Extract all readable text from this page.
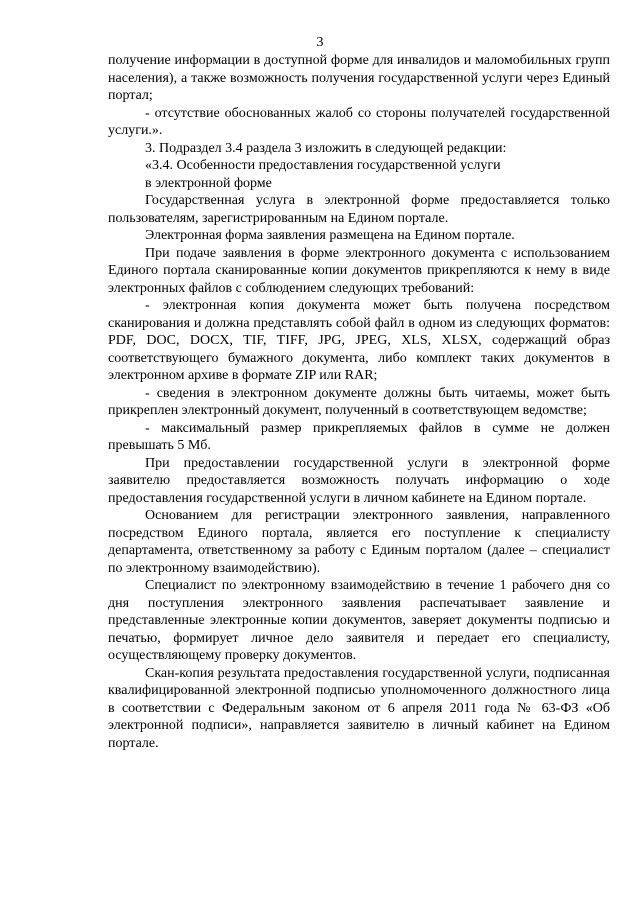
3

получение информации в доступной форме для инвалидов и маломобильных групп населения), а также возможность получения государственной услуги через Единый портал;

- отсутствие обоснованных жалоб со стороны получателей государственной услуги.».

3. Подраздел 3.4 раздела 3 изложить в следующей редакции:

«3.4. Особенности предоставления государственной услуги
в электронной форме

Государственная услуга в электронной форме предоставляется только пользователям, зарегистрированным на Едином портале.

Электронная форма заявления размещена на Едином портале.

При подаче заявления в форме электронного документа с использованием Единого портала сканированные копии документов прикрепляются к нему в виде электронных файлов с соблюдением следующих требований:

- электронная копия документа может быть получена посредством сканирования и должна представлять собой файл в одном из следующих форматов: PDF, DOC, DOCX, TIF, TIFF, JPG, JPEG, XLS, XLSX, содержащий образ соответствующего бумажного документа, либо комплект таких документов в электронном архиве в формате ZIP или RAR;

- сведения в электронном документе должны быть читаемы, может быть прикреплен электронный документ, полученный в соответствующем ведомстве;

- максимальный размер прикрепляемых файлов в сумме не должен превышать 5 Мб.

При предоставлении государственной услуги в электронной форме заявителю предоставляется возможность получать информацию о ходе предоставления государственной услуги в личном кабинете на Едином портале.

Основанием для регистрации электронного заявления, направленного посредством Единого портала, является его поступление к специалисту департамента, ответственному за работу с Единым порталом (далее – специалист по электронному взаимодействию).

Специалист по электронному взаимодействию в течение 1 рабочего дня со дня поступления электронного заявления распечатывает заявление и представленные электронные копии документов, заверяет документы подписью и печатью, формирует личное дело заявителя и передает его специалисту, осуществляющему проверку документов.

Скан-копия результата предоставления государственной услуги, подписанная квалифицированной электронной подписью уполномоченного должностного лица в соответствии с Федеральным законом от 6 апреля 2011 года № 63-ФЗ «Об электронной подписи», направляется заявителю в личный кабинет на Едином портале.
